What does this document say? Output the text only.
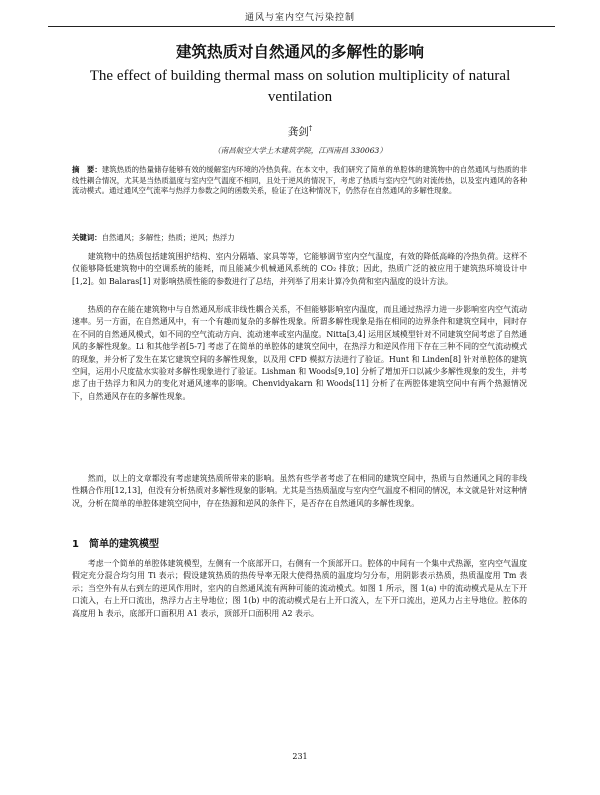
通风与室内空气污染控制
建筑热质对自然通风的多解性的影响
The effect of building thermal mass on solution multiplicity of natural ventilation
龚剑†
（南昌航空大学土木建筑学院，江西南昌 330063）
摘　要：建筑热质的热量储存能够有效的缓解室内环境的冷热负荷。在本文中，我们研究了简单的单腔体的建筑物中的自然通风与热质的非线性耦合情况，尤其是当热质温度与室内空气温度不相同，且处于逆风的情况下，考虑了热质与室内空气的对流传热，以及室内通风的各种流动模式。通过通风空气流率与热浮力参数之间的函数关系，验证了在这种情况下，仍然存在自然通风的多解性现象。
关键词：自然通风；多解性；热质；逆风；热浮力

建筑物中的热质包括建筑围护结构、室内分隔墙、家具等等，它能够调节室内空气温度，有效的降低高峰的冷热负荷。这样不仅能够降低建筑物中的空调系统的能耗，而且能减少机械通风系统的 CO₂ 排放；因此，热质广泛的被应用于建筑热环境设计中[1,2]。如 Balaras[1] 对影响热质性能的参数进行了总结，并列举了用来计算冷负荷和室内温度的设计方法。

热质的存在能在建筑物中与自然通风形成非线性耦合关系，不但能够影响室内温度，而且通过热浮力进一步影响室内空气流动速率。另一方面，在自然通风中，有一个有趣而复杂的多解性现象。所谓多解性现象是指在相同的边界条件和建筑空间中，同时存在不同的自然通风模式，如不同的空气流动方向、流动速率或室内温度。Nitta[3,4] 运用区域模型针对不同建筑空间考虑了自然通风的多解性现象。Li 和其他学者[5-7] 考虑了在简单的单腔体的建筑空间中，在热浮力和逆风作用下存在三种不同的空气流动模式的现象，并分析了发生在某它建筑空间的多解性现象，以及用 CFD 模拟方法进行了验证。Hunt 和 Linden[8] 针对单腔体的建筑空间，运用小尺度盐水实验对多解性现象进行了验证。Lishman 和 Woods[9,10] 分析了增加开口以减少多解性现象的发生，并考虑了由于热浮力和风力的变化对通风速率的影响。Chenvidyakarn 和 Woods[11] 分析了在两腔体建筑空间中有两个热源情况下，自然通风存在的多解性现象。

然而，以上的文章都没有考虑建筑热质所带来的影响。虽然有些学者考虑了在相同的建筑空间中，热质与自然通风之间的非线性耦合作用[12,13]，但没有分析热质对多解性现象的影响。尤其是当热质温度与室内空气温度不相同的情况，本文就是针对这种情况，分析在简单的单腔体建筑空间中，存在热源和逆风的条件下，是否存在自然通风的多解性现象。

1 简单的建筑模型

考虑一个简单的单腔体建筑模型，左侧有一个底部开口，右侧有一个顶部开口。腔体的中间有一个集中式热源，室内空气温度假定充分混合均匀用 Ti 表示；假设建筑热质的热传导率无限大使得热质的温度均匀分布，用阴影表示热质，热质温度用 Tm 表示；当空外有从右到左的逆风作用时，室内的自然通风流有两种可能的流动模式。如图 1 所示，图 1(a) 中的流动模式是从左下开口流入，右上开口流出，热浮力占主导地位；图 1(b) 中的流动模式是右上开口流入，左下开口流出，逆风力占主导地位。腔体的高度用 h 表示，底部开口面积用 A1 表示，顶部开口面积用 A2 表示。

231
